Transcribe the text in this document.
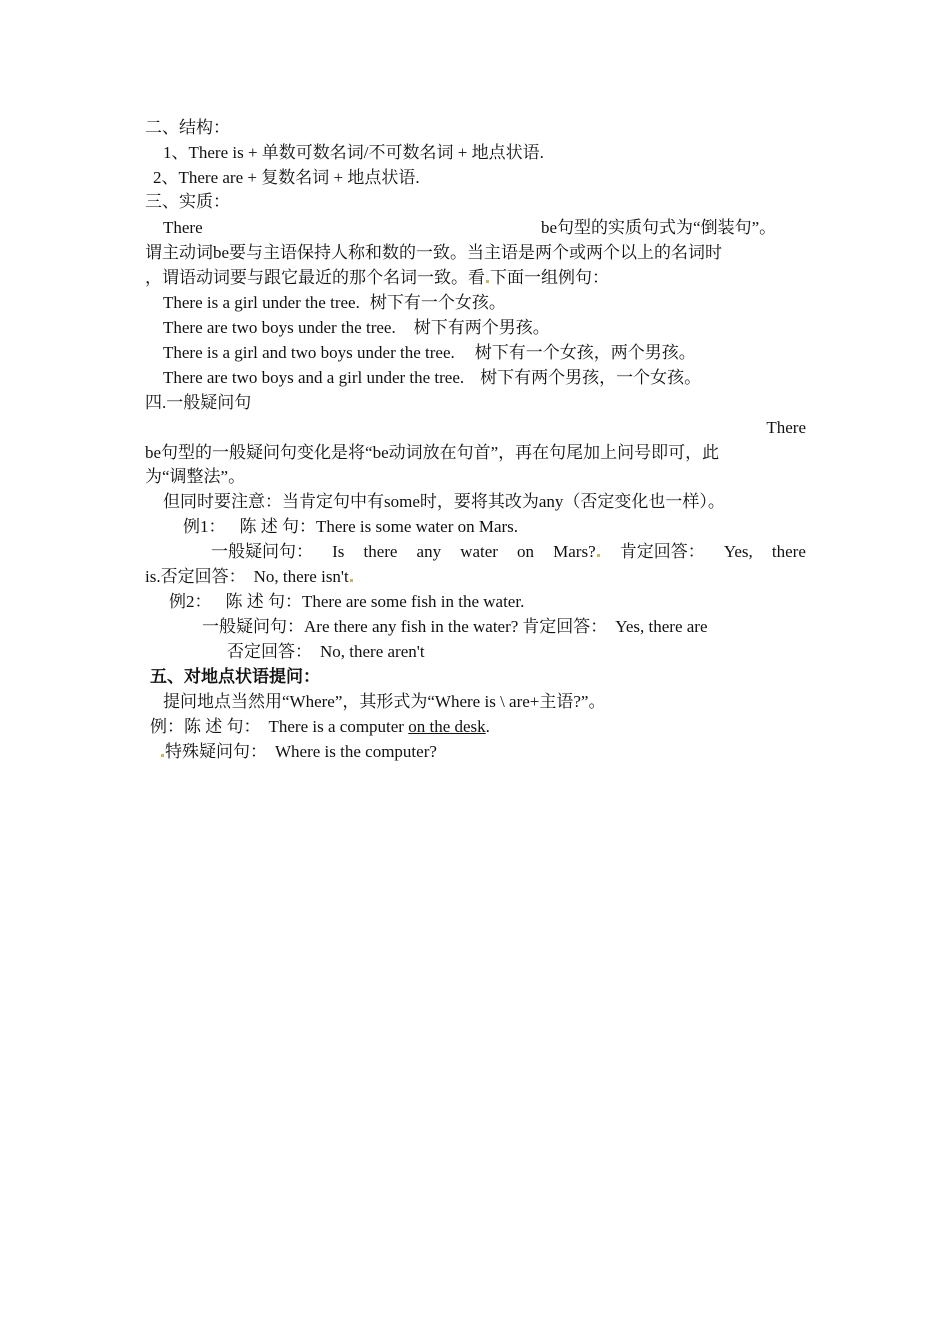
二、结构：
1、There is + 单数可数名词/不可数名词 + 地点状语.
2、There are + 复数名词 + 地点状语.
三、实质：
There	be句型的实质句式为“倒装句”。
谓主动词be要与主语保持人称和数的一致。当主语是两个或两个以上的名词时
，谓语动词要与跟它最近的那个名词一致。看 下面一组例句：
There is a girl under the tree. 树下有一个女孩。
There are two boys under the tree. 树下有两个男孩。
There is a girl and two boys under the tree. 树下有一个女孩，两个男孩。
There are two boys and a girl under the tree. 树下有两个男孩，一个女孩。
四.一般疑问句
There
be句型的一般疑问句变化是将“be动词放在句首”，再在句尾加上问号即可，此
为“调整法”。
但同时要注意：当肯定句中有some时，要将其改为any（否定变化也一样）。
例1： 陈 述 句：There is some water on Mars.
一般疑问句： Is there any water on Mars? 肯定回答： Yes, there
is.否定回答： No, there isn't
例2： 陈 述 句：There are some fish in the water.
一般疑问句：Are there any fish in the water? 肯定回答： Yes, there are
否定回答： No, there aren't
五、对地点状语提问：
提问地点当然用“Where”，其形式为“Where is \ are+主语?”。
例：陈 述 句： There is a computer on the desk.
特殊疑问句： Where is the computer?
